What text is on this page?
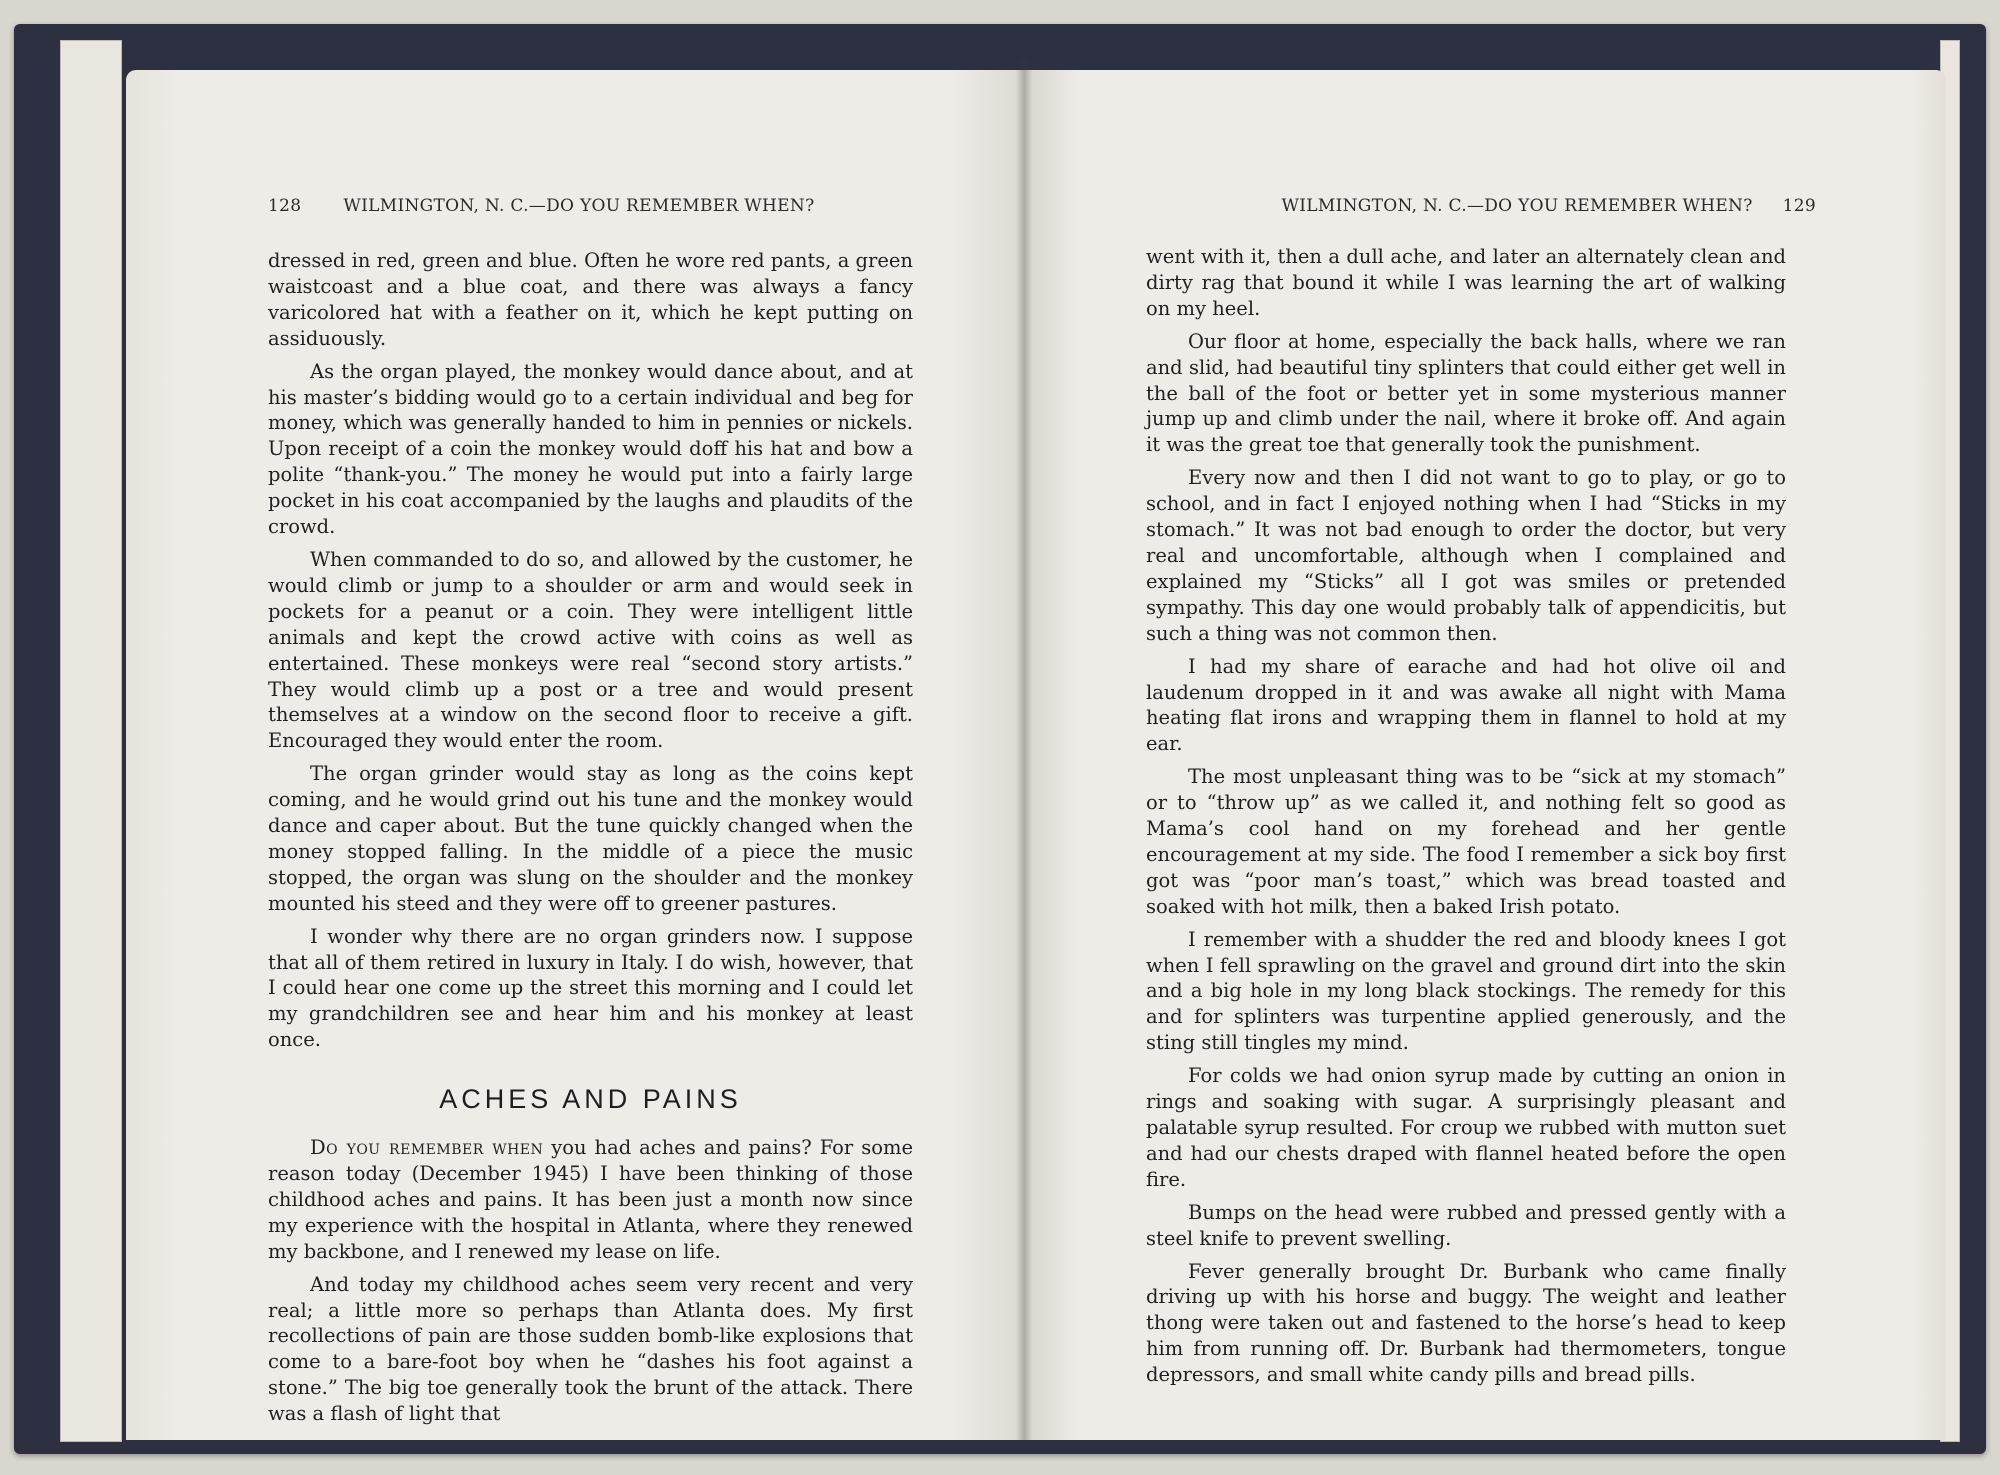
128	WILMINGTON, N. C.—DO YOU REMEMBER WHEN?

dressed in red, green and blue. Often he wore red pants, a green waistcoast and a blue coat, and there was always a fancy varicolored hat with a feather on it, which he kept putting on assiduously.

As the organ played, the monkey would dance about, and at his master’s bidding would go to a certain individual and beg for money, which was generally handed to him in pennies or nickels. Upon receipt of a coin the monkey would doff his hat and bow a polite “thank-you.” The money he would put into a fairly large pocket in his coat accompanied by the laughs and plaudits of the crowd.

When commanded to do so, and allowed by the customer, he would climb or jump to a shoulder or arm and would seek in pockets for a peanut or a coin. They were intelligent little animals and kept the crowd active with coins as well as entertained. These monkeys were real “second story artists.” They would climb up a post or a tree and would present themselves at a window on the second floor to receive a gift. Encouraged they would enter the room.

The organ grinder would stay as long as the coins kept coming, and he would grind out his tune and the monkey would dance and caper about. But the tune quickly changed when the money stopped falling. In the middle of a piece the music stopped, the organ was slung on the shoulder and the monkey mounted his steed and they were off to greener pastures.

I wonder why there are no organ grinders now. I suppose that all of them retired in luxury in Italy. I do wish, however, that I could hear one come up the street this morning and I could let my grandchildren see and hear him and his monkey at least once.

ACHES AND PAINS

Do you remember when you had aches and pains? For some reason today (December 1945) I have been thinking of those childhood aches and pains. It has been just a month now since my experience with the hospital in Atlanta, where they renewed my backbone, and I renewed my lease on life.

And today my childhood aches seem very recent and very real; a little more so perhaps than Atlanta does. My first recollections of pain are those sudden bomb-like explosions that come to a bare-foot boy when he “dashes his foot against a stone.” The big toe generally took the brunt of the attack. There was a flash of light that

WILMINGTON, N. C.—DO YOU REMEMBER WHEN?	129

went with it, then a dull ache, and later an alternately clean and dirty rag that bound it while I was learning the art of walking on my heel.

Our floor at home, especially the back halls, where we ran and slid, had beautiful tiny splinters that could either get well in the ball of the foot or better yet in some mysterious manner jump up and climb under the nail, where it broke off. And again it was the great toe that generally took the punishment.

Every now and then I did not want to go to play, or go to school, and in fact I enjoyed nothing when I had “Sticks in my stomach.” It was not bad enough to order the doctor, but very real and uncomfortable, although when I complained and explained my “Sticks” all I got was smiles or pretended sympathy. This day one would probably talk of appendicitis, but such a thing was not common then.

I had my share of earache and had hot olive oil and laudenum dropped in it and was awake all night with Mama heating flat irons and wrapping them in flannel to hold at my ear.

The most unpleasant thing was to be “sick at my stomach” or to “throw up” as we called it, and nothing felt so good as Mama’s cool hand on my forehead and her gentle encouragement at my side. The food I remember a sick boy first got was “poor man’s toast,” which was bread toasted and soaked with hot milk, then a baked Irish potato.

I remember with a shudder the red and bloody knees I got when I fell sprawling on the gravel and ground dirt into the skin and a big hole in my long black stockings. The remedy for this and for splinters was turpentine applied generously, and the sting still tingles my mind.

For colds we had onion syrup made by cutting an onion in rings and soaking with sugar. A surprisingly pleasant and palatable syrup resulted. For croup we rubbed with mutton suet and had our chests draped with flannel heated before the open fire.

Bumps on the head were rubbed and pressed gently with a steel knife to prevent swelling.

Fever generally brought Dr. Burbank who came finally driving up with his horse and buggy. The weight and leather thong were taken out and fastened to the horse’s head to keep him from running off. Dr. Burbank had thermometers, tongue depressors, and small white candy pills and bread pills.
